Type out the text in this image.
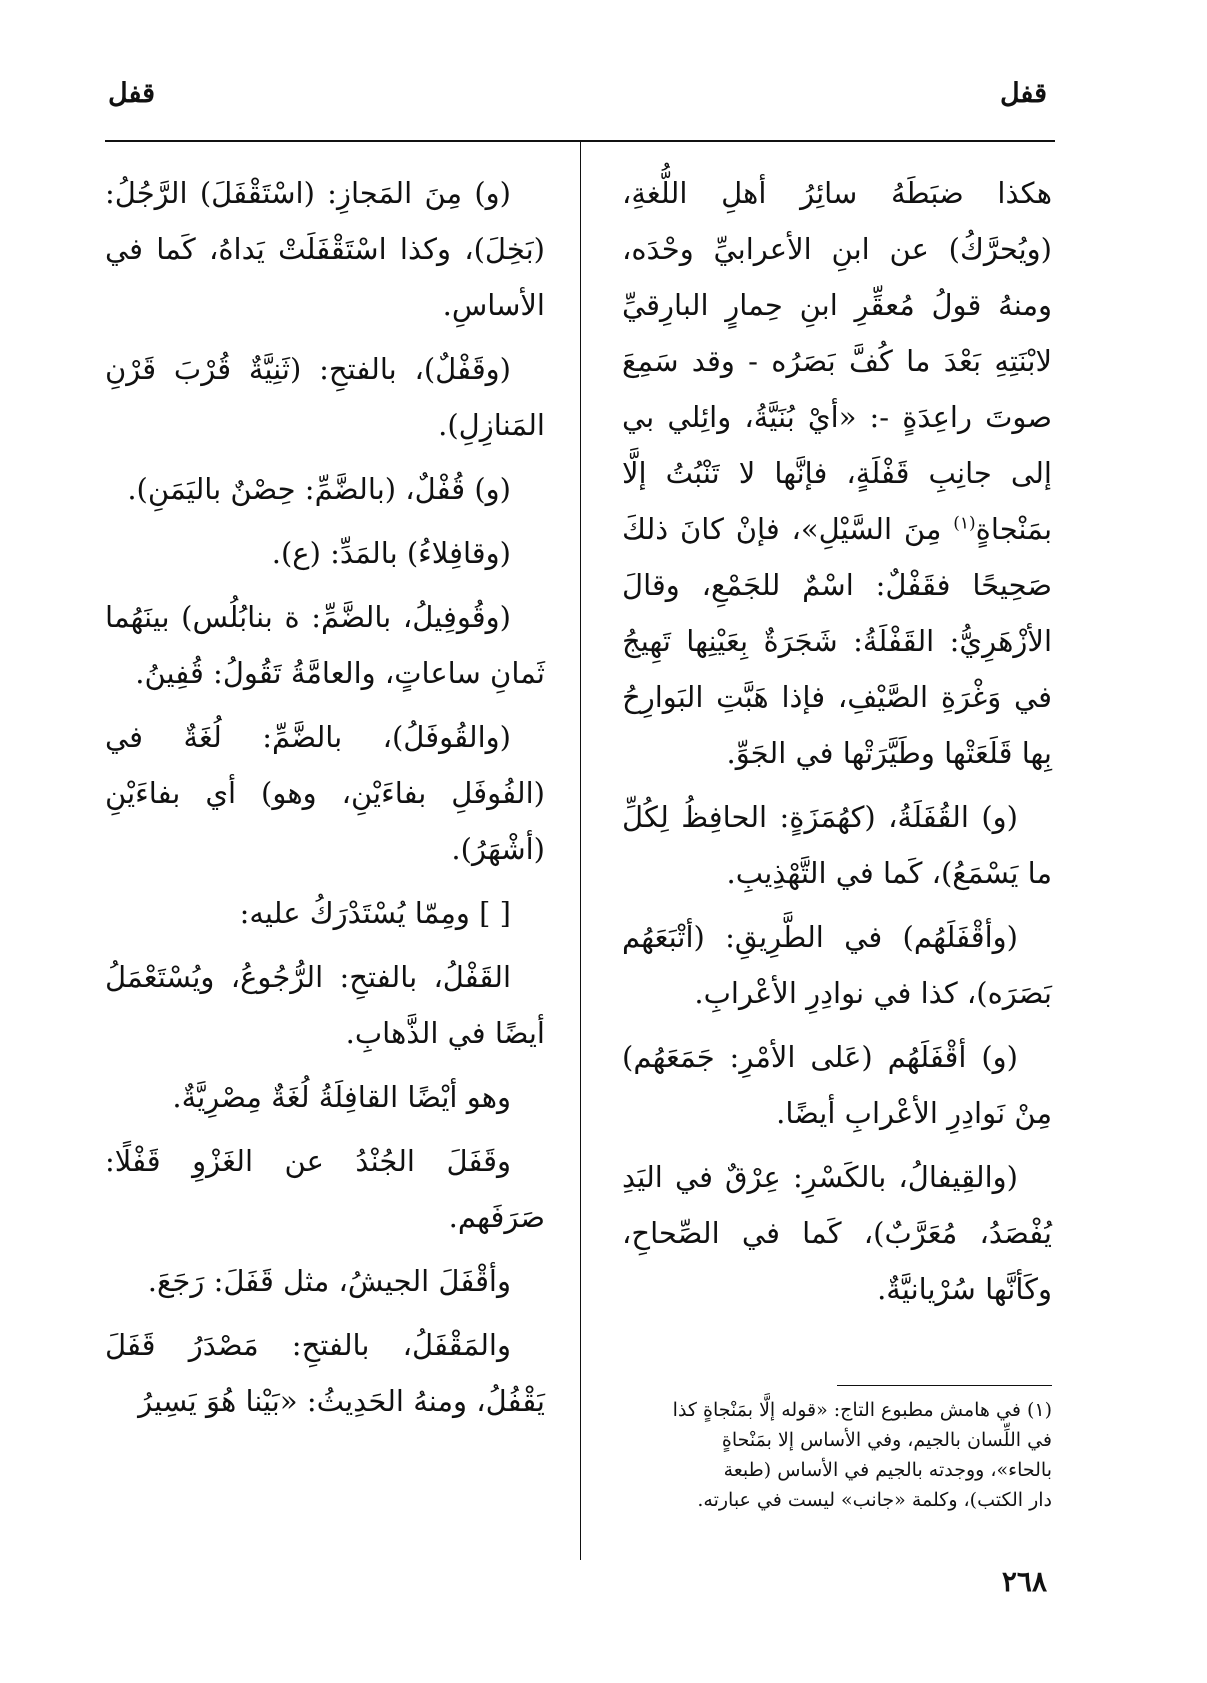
قفل
قفل

هكذا ضبَطَهُ سائِرُ أهلِ اللُّغةِ، (ويُحرَّكُ) عن ابنِ الأعرابيِّ وحْدَه، ومنهُ قولُ مُعقِّرِ ابنِ حِمارٍ البارِقيِّ لابْنَتِهِ بَعْدَ ما كُفَّ بَصَرُه - وقد سَمِعَ صوتَ راعِدَةٍ -: «أيْ بُنَيَّةُ، وائِلي بي إلى جانِبِ قَفْلَةٍ، فإنَّها لا تَنْبُتُ إلَّا بمَنْجاةٍ$^{(١)}$ مِنَ السَّيْلِ»، فإنْ كانَ ذلكَ صَحِيحًا فقَفْلٌ: اسْمٌ للجَمْعِ، وقالَ الأزْهَرِيُّ: القَفْلَةُ: شَجَرَةٌ بِعَيْنِها تَهِيجُ في وَغْرَةِ الصَّيْفِ، فإذا هَبَّتِ البَوارِحُ بِها قَلَعَتْها وطَيَّرَتْها في الجَوِّ.

(و) القُفَلَةُ، (كهُمَزَةٍ: الحافِظُ لِكُلِّ ما يَسْمَعُ)، كَما في التَّهْذِيبِ.

(وأقْفَلَهُم) في الطَّرِيقِ: (أتْبَعَهُم بَصَرَه)، كذا في نوادِرِ الأعْرابِ.

(و) أقْفَلَهُم (عَلى الأمْرِ: جَمَعَهُم) مِنْ نَوادِرِ الأعْرابِ أيضًا.

(والقِيفالُ، بالكَسْرِ: عِرْقٌ في اليَدِ يُفْصَدُ، مُعَرَّبٌ)، كَما في الصِّحاحِ، وكَأنَّها سُرْيانيَّةٌ.

(١) في هامش مطبوع التاج: «قوله إلَّا بمَنْجاةٍ كذا
في اللِّسان بالجيم، وفي الأساس إلا بمَنْحاةٍ
بالحاء»، ووجدته بالجيم في الأساس (طبعة
دار الكتب)، وكلمة «جانب» ليست في عبارته.

(و) مِنَ المَجازِ: (اسْتَقْفَلَ) الرَّجُلُ: (بَخِلَ)، وكذا اسْتَقْفَلَتْ يَداهُ، كَما في الأساسِ.

(وقَفْلٌ)، بالفتحِ: (ثَنِيَّةٌ قُرْبَ قَرْنِ المَنازِلِ).

(و) قُفْلٌ، (بالضَّمِّ: حِصْنٌ باليَمَنِ).

(وقافِلاءُ) بالمَدِّ: (ع).

(وقُوفِيلُ، بالضَّمِّ: ة بنابُلُس) بينَهُما ثَمانِ ساعاتٍ، والعامَّةُ تَقُولُ: قُفِينُ.

(والقُوفَلُ)، بالضَّمِّ: لُغَةٌ في (الفُوفَلِ بفاءَيْنِ، وهو) أي بفاءَيْنِ (أشْهَرُ).

[ ] ومِمّا يُسْتَدْرَكُ عليه:

القَفْلُ، بالفتحِ: الرُّجُوعُ، ويُسْتَعْمَلُ أيضًا في الذَّهابِ.

وهو أيْضًا القافِلَةُ لُغَةٌ مِصْرِيَّةٌ.

وقَفَلَ الجُنْدُ عن الغَزْوِ قَفْلًا: صَرَفَهم.

وأقْفَلَ الجيشُ، مثل قَفَلَ: رَجَعَ.

والمَقْفَلُ، بالفتحِ: مَصْدَرُ قَفَلَ يَقْفُلُ، ومنهُ الحَدِيثُ: «بَيْنا هُوَ يَسِيرُ

٢٦٨
